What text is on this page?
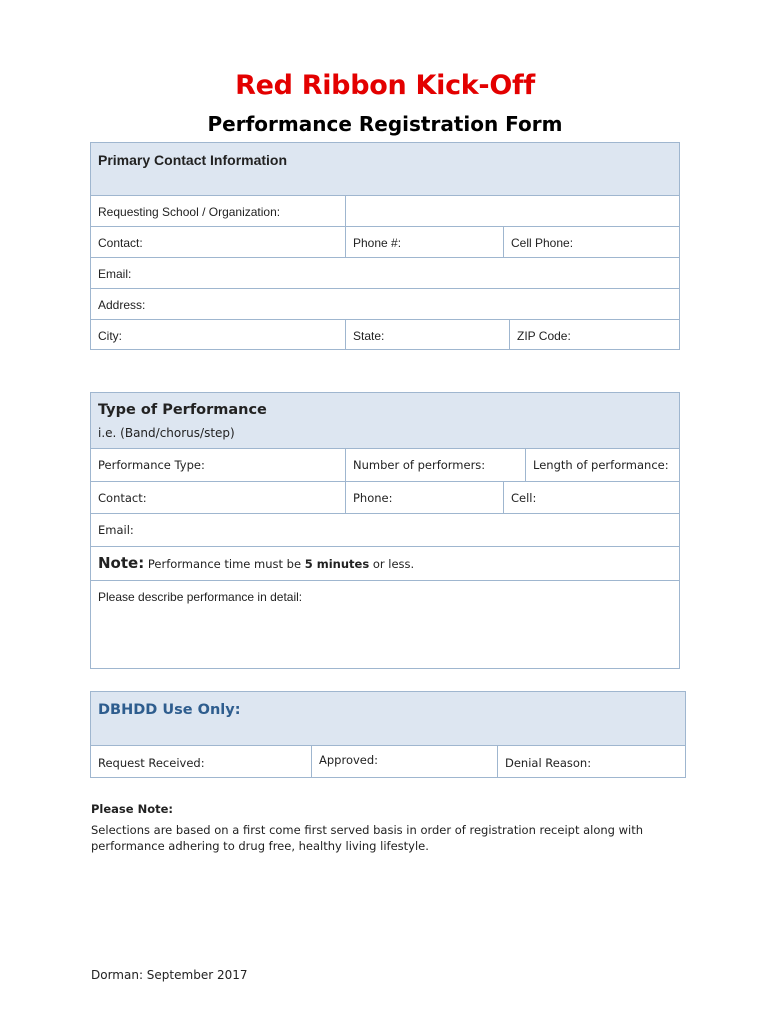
Red Ribbon Kick-Off
Performance Registration Form
Primary Contact Information
Requesting School / Organization:
Contact:	Phone #:	Cell Phone:
Email:
Address:
City:	State:	ZIP Code:
Type of Performance
i.e. (Band/chorus/step)
Performance Type:	Number of performers:	Length of performance:
Contact:	Phone:	Cell:
Email:
Note: Performance time must be 5 minutes or less.
Please describe performance in detail:
DBHDD Use Only:
Request Received:	Approved:	Denial Reason:
Please Note:
Selections are based on a first come first served basis in order of registration receipt along with
performance adhering to drug free, healthy living lifestyle.
Dorman: September 2017
